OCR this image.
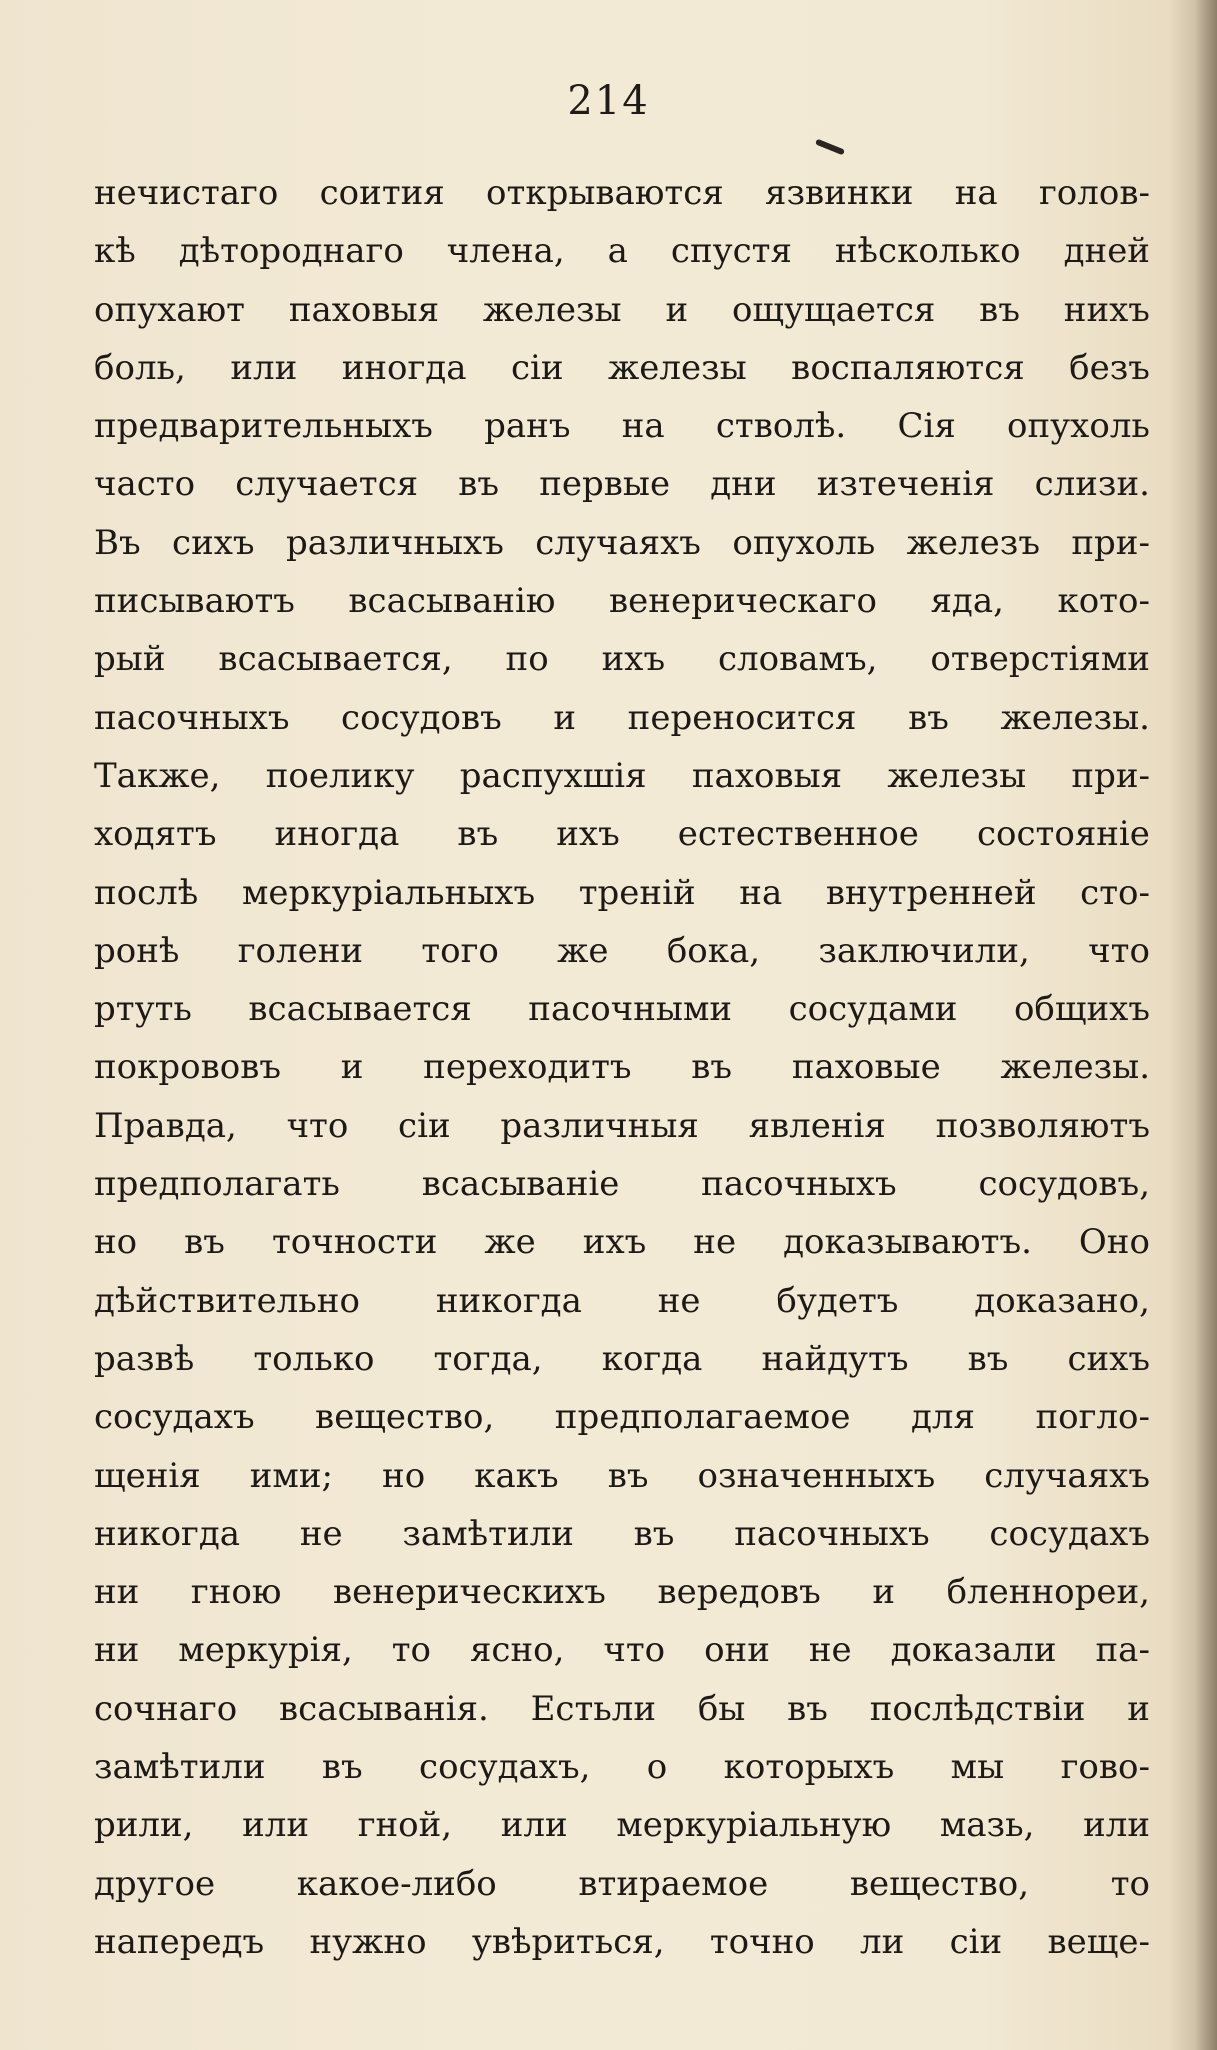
214
нечистаго соития открываются язвинки на голов-
кѣ дѣтороднаго члена, а спустя нѣсколько дней
опухают паховыя железы и ощущается въ нихъ
боль, или иногда сіи железы воспаляются безъ
предварительныхъ ранъ на стволѣ. Сія опухоль
часто случается въ первые дни изтеченія слизи.
Въ сихъ различныхъ случаяхъ опухоль железъ при-
писываютъ всасыванію венерическаго яда, кото-
рый всасывается, по ихъ словамъ, отверстіями
пасочныхъ сосудовъ и переносится въ железы.
Также, поелику распухшія паховыя железы при-
ходятъ иногда въ ихъ естественное состояніе
послѣ меркуріальныхъ треній на внутренней сто-
ронѣ голени того же бока, заключили, что
ртуть всасывается пасочными сосудами общихъ
покрововъ и переходитъ въ паховые железы.
Правда, что сіи различныя явленія позволяютъ
предполагать всасываніе пасочныхъ сосудовъ,
но въ точности же ихъ не доказываютъ. Оно
дѣйствительно никогда не будетъ доказано,
развѣ только тогда, когда найдутъ въ сихъ
сосудахъ вещество, предполагаемое для погло-
щенія ими; но какъ въ означенныхъ случаяхъ
никогда не замѣтили въ пасочныхъ сосудахъ
ни гною венерическихъ вередовъ и бленнореи,
ни меркурія, то ясно, что они не доказали па-
сочнаго всасыванія. Естьли бы въ послѣдствіи и
замѣтили въ сосудахъ, о которыхъ мы гово-
рили, или гной, или меркуріальную мазь, или
другое какое-либо втираемое вещество, то
напередъ нужно увѣриться, точно ли сіи веще-
